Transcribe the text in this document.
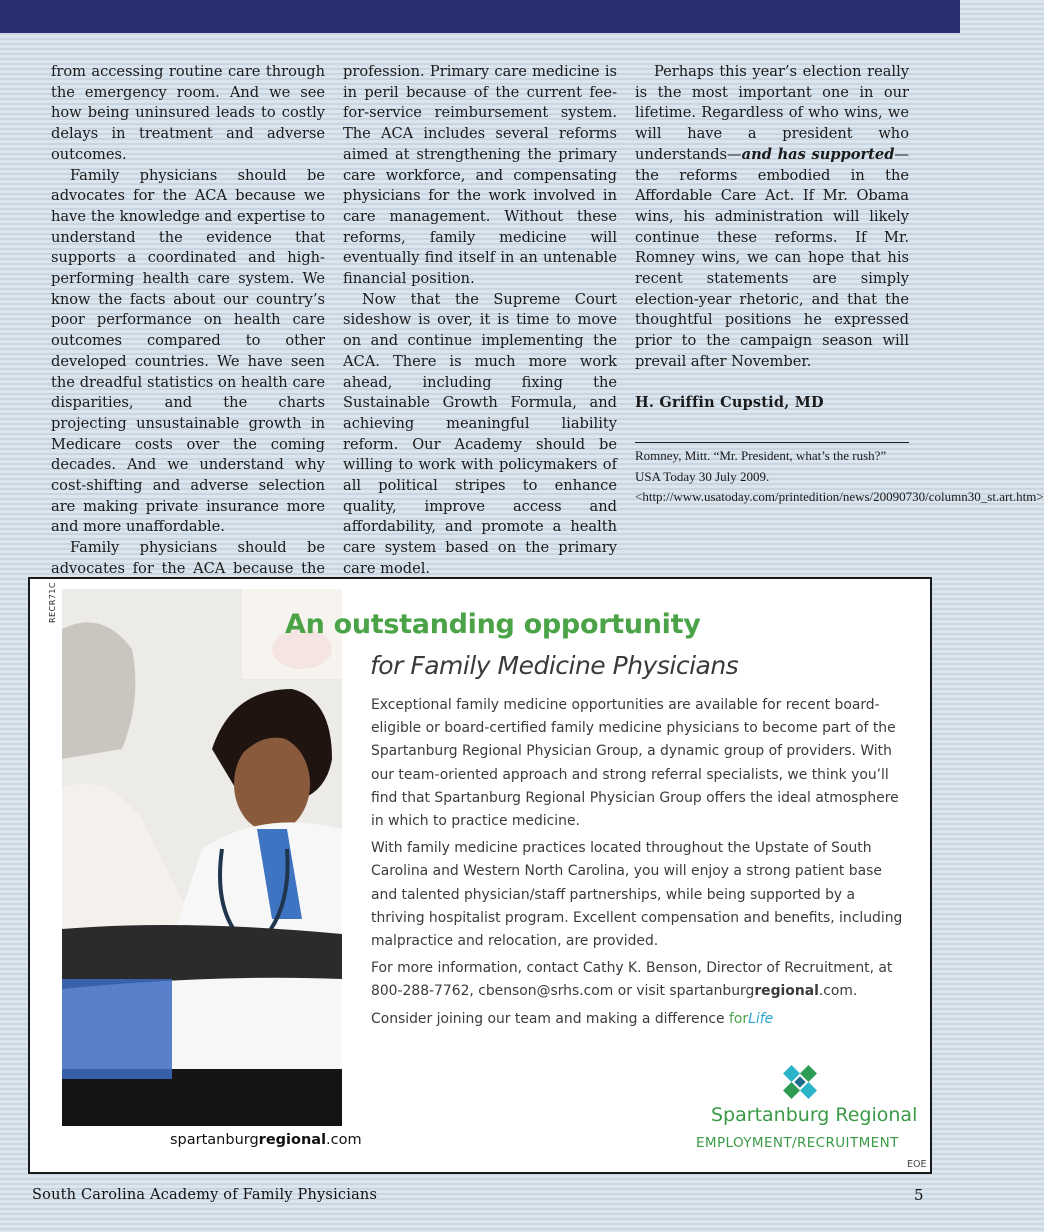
from accessing routine care through the emergency room. And we see how being uninsured leads to costly delays in treatment and adverse outcomes.

Family physicians should be advocates for the ACA because we have the knowledge and expertise to understand the evidence that supports a coordinated and high-performing health care system. We know the facts about our country’s poor performance on health care outcomes compared to other developed countries. We have seen the dreadful statistics on health care disparities, and the charts projecting unsustainable growth in Medicare costs over the coming decades. And we understand why cost-shifting and adverse selection are making private insurance more and more unaffordable.

Family physicians should be advocates for the ACA because the

profession. Primary care medicine is in peril because of the current fee-for-service reimbursement system. The ACA includes several reforms aimed at strengthening the primary care workforce, and compensating physicians for the work involved in care management. Without these reforms, family medicine will eventually find itself in an untenable financial position.

Now that the Supreme Court sideshow is over, it is time to move on and continue implementing the ACA. There is much more work ahead, including fixing the Sustainable Growth Formula, and achieving meaningful liability reform. Our Academy should be willing to work with policymakers of all political stripes to enhance quality, improve access and affordability, and promote a health care system based on the primary care model.

Perhaps this year’s election really is the most important one in our lifetime. Regardless of who wins, we will have a president who understands—and has supported—the reforms embodied in the Affordable Care Act. If Mr. Obama wins, his administration will likely continue these reforms. If Mr. Romney wins, we can hope that his recent statements are simply election-year rhetoric, and that the thoughtful positions he expressed prior to the campaign season will prevail after November.

H. Griffin Cupstid, MD
Romney, Mitt. “Mr. President, what’s the rush?” USA Today 30 July 2009. <http://www.usatoday.com/printedition/news/20090730/column30_st.art.htm>
RECR71C
spartanburgregional.com
An outstanding opportunity
for Family Medicine Physicians

Exceptional family medicine opportunities are available for recent board-eligible or board-certified family medicine physicians to become part of the Spartanburg Regional Physician Group, a dynamic group of providers. With our team-oriented approach and strong referral specialists, we think you’ll find that Spartanburg Regional Physician Group offers the ideal atmosphere in which to practice medicine.

With family medicine practices located throughout the Upstate of South Carolina and Western North Carolina, you will enjoy a strong patient base and talented physician/staff partnerships, while being supported by a thriving hospitalist program. Excellent compensation and benefits, including malpractice and relocation, are provided.

For more information, contact Cathy K. Benson, Director of Recruitment, at 800-288-7762, cbenson@srhs.com or visit spartanburgregional.com.

Consider joining our team and making a difference forLife

Spartanburg Regional
EMPLOYMENT/RECRUITMENT
EOE
South Carolina Academy of Family Physicians	5
